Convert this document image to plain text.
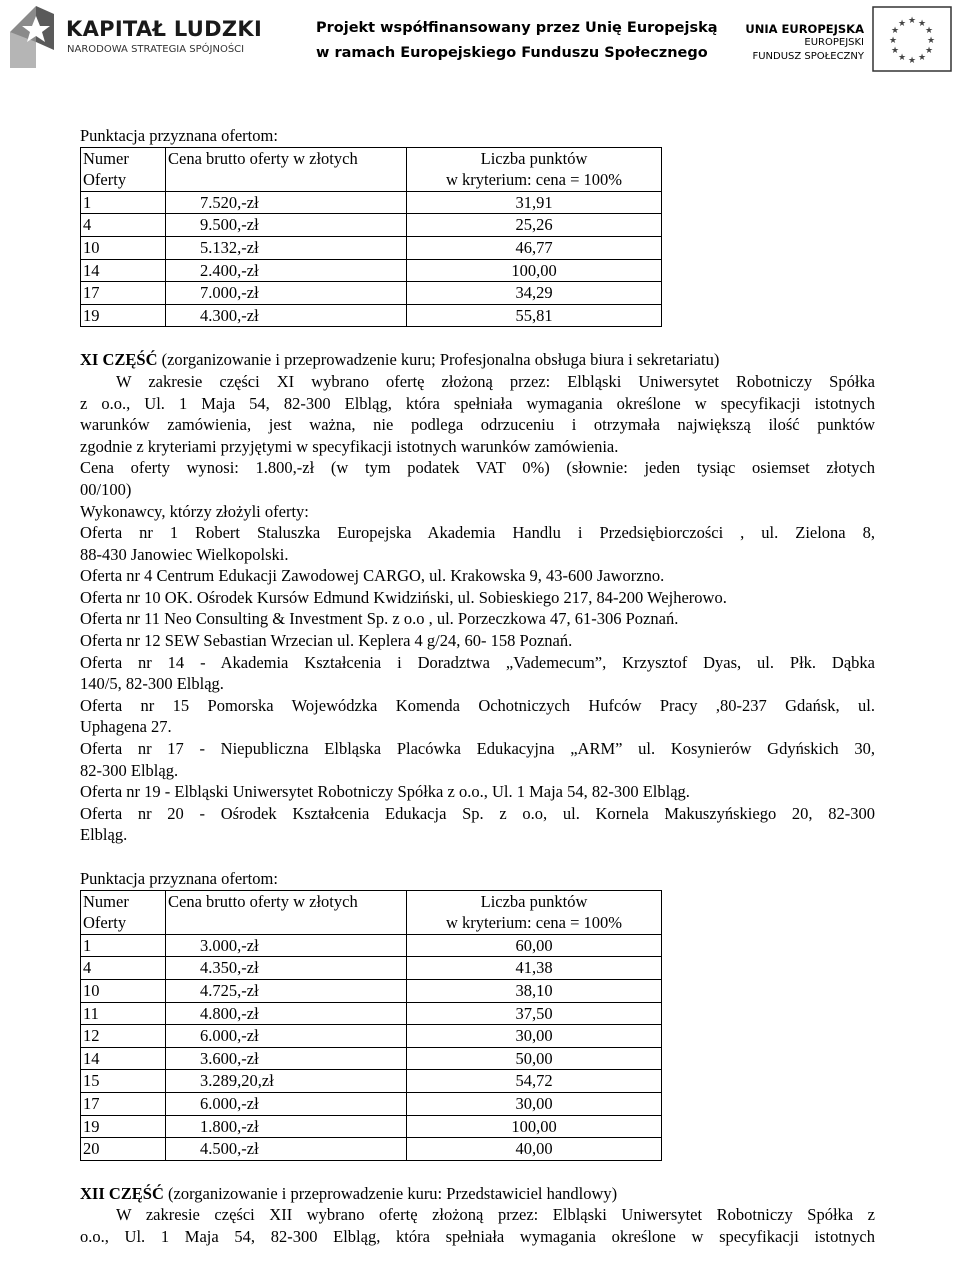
KAPITAŁ LUDZKI
NARODOWA STRATEGIA SPÓJNOŚCI
Projekt współfinansowany przez Unię Europejską
w ramach Europejskiego Funduszu Społecznego
UNIA EUROPEJSKA
EUROPEJSKI
FUNDUSZ SPOŁECZNY
★ ★
★
★
★
★
★
★
★
★
★
★
Punktacja przyznana ofertom:
Numer
Oferty	Cena brutto oferty w złotych	Liczba punktów
w kryterium: cena = 100%
1	7.520,-zł	31,91
4	9.500,-zł	25,26
10	5.132,-zł	46,77
14	2.400,-zł	100,00
17	7.000,-zł	34,29
19	4.300,-zł	55,81
XI CZĘŚĆ (zorganizowanie i przeprowadzenie kuru; Profesjonalna obsługa biura i sekretariatu)
W zakresie części XI wybrano ofertę złożoną przez: Elbląski Uniwersytet Robotniczy Spółka
z o.o., Ul. 1 Maja 54, 82-300 Elbląg, która spełniała wymagania określone w specyfikacji istotnych
warunków zamówienia, jest ważna, nie podlega odrzuceniu i otrzymała największą ilość punktów
zgodnie z kryteriami przyjętymi w specyfikacji istotnych warunków zamówienia.
Cena oferty wynosi: 1.800,-zł (w tym podatek VAT 0%) (słownie: jeden tysiąc osiemset złotych
00/100)
Wykonawcy, którzy złożyli oferty:
Oferta nr 1 Robert Staluszka Europejska Akademia Handlu i Przedsiębiorczości , ul. Zielona 8,
88-430 Janowiec Wielkopolski.
Oferta nr 4 Centrum Edukacji Zawodowej CARGO, ul. Krakowska 9, 43-600 Jaworzno.
Oferta nr 10 OK. Ośrodek Kursów Edmund Kwidziński, ul. Sobieskiego 217, 84-200 Wejherowo.
Oferta nr 11 Neo Consulting & Investment Sp. z o.o , ul. Porzeczkowa 47, 61-306 Poznań.
Oferta nr 12 SEW Sebastian Wrzecian ul. Keplera 4 g/24, 60- 158 Poznań.
Oferta nr 14 - Akademia Kształcenia i Doradztwa „Vademecum”, Krzysztof Dyas, ul. Płk. Dąbka
140/5, 82-300 Elbląg.
Oferta nr 15 Pomorska Wojewódzka Komenda Ochotniczych Hufców Pracy ,80-237 Gdańsk, ul.
Uphagena 27.
Oferta nr 17 - Niepubliczna Elbląska Placówka Edukacyjna „ARM” ul. Kosynierów Gdyńskich 30,
82-300 Elbląg.
Oferta nr 19 - Elbląski Uniwersytet Robotniczy Spółka z o.o., Ul. 1 Maja 54, 82-300 Elbląg.
Oferta nr 20 - Ośrodek Kształcenia Edukacja Sp. z o.o, ul. Kornela Makuszyńskiego 20, 82-300
Elbląg.
Punktacja przyznana ofertom:
Numer
Oferty	Cena brutto oferty w złotych	Liczba punktów
w kryterium: cena = 100%
1	3.000,-zł	60,00
4	4.350,-zł	41,38
10	4.725,-zł	38,10
11	4.800,-zł	37,50
12	6.000,-zł	30,00
14	3.600,-zł	50,00
15	3.289,20,zł	54,72
17	6.000,-zł	30,00
19	1.800,-zł	100,00
20	4.500,-zł	40,00
XII CZĘŚĆ (zorganizowanie i przeprowadzenie kuru: Przedstawiciel handlowy)
W zakresie części XII wybrano ofertę złożoną przez: Elbląski Uniwersytet Robotniczy Spółka z
o.o., Ul. 1 Maja 54, 82-300 Elbląg, która spełniała wymagania określone w specyfikacji istotnych
